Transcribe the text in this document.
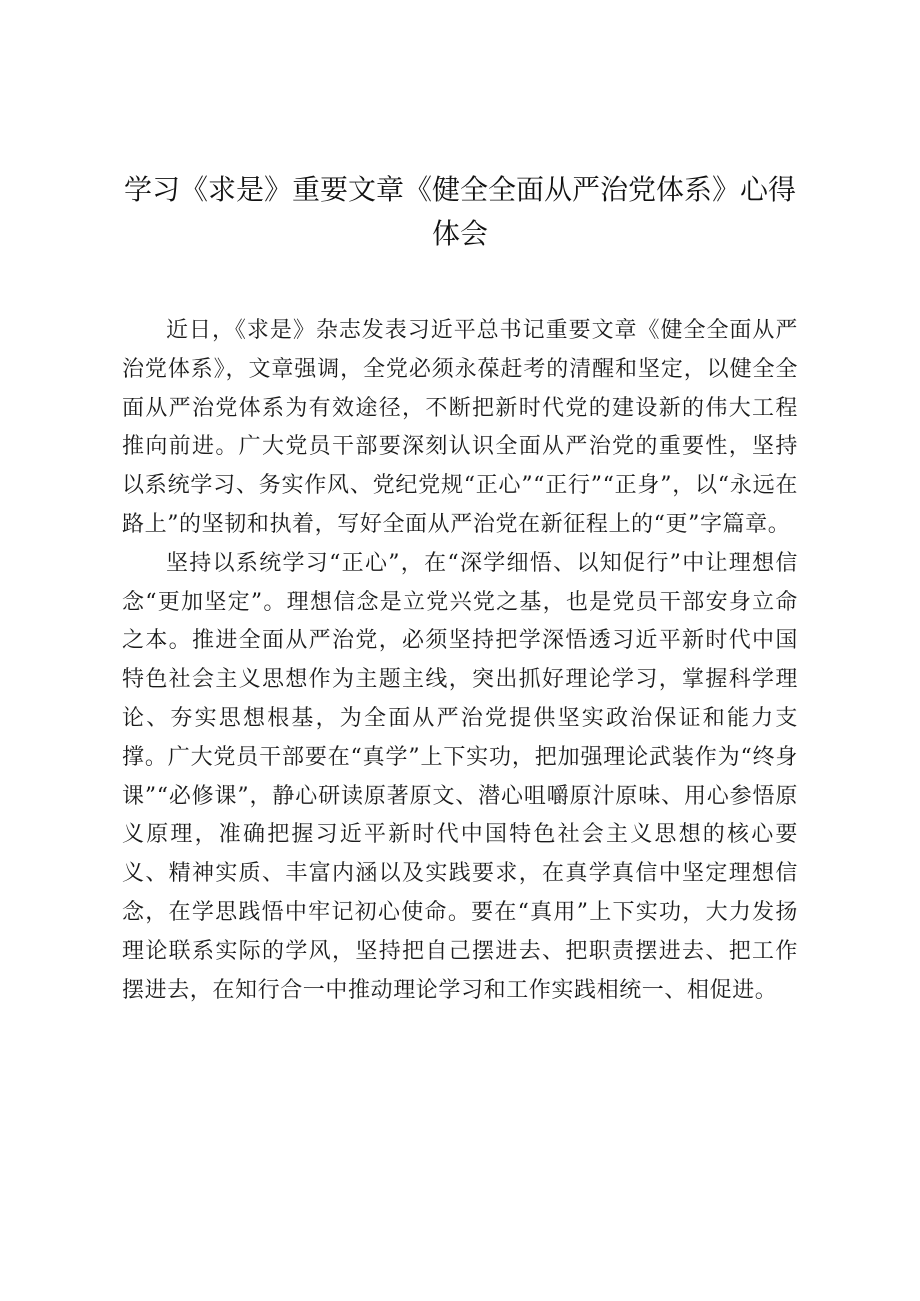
学习《求是》重要文章《健全全面从严治党体系》心得
体会

近日，《求是》杂志发表习近平总书记重要文章《健全全面从严治党体系》，文章强调，全党必须永葆赶考的清醒和坚定，以健全全面从严治党体系为有效途径，不断把新时代党的建设新的伟大工程推向前进。广大党员干部要深刻认识全面从严治党的重要性，坚持以系统学习、务实作风、党纪党规“正心”“正行”“正身”，以“永远在路上”的坚韧和执着，写好全面从严治党在新征程上的“更”字篇章。

坚持以系统学习“正心”，在“深学细悟、以知促行”中让理想信念“更加坚定”。理想信念是立党兴党之基，也是党员干部安身立命之本。推进全面从严治党，必须坚持把学深悟透习近平新时代中国特色社会主义思想作为主题主线，突出抓好理论学习，掌握科学理论、夯实思想根基，为全面从严治党提供坚实政治保证和能力支撑。广大党员干部要在“真学”上下实功，把加强理论武装作为“终身课”“必修课”，静心研读原著原文、潜心咀嚼原汁原味、用心参悟原义原理，准确把握习近平新时代中国特色社会主义思想的核心要义、精神实质、丰富内涵以及实践要求，在真学真信中坚定理想信念，在学思践悟中牢记初心使命。要在“真用”上下实功，大力发扬理论联系实际的学风，坚持把自己摆进去、把职责摆进去、把工作摆进去，在知行合一中推动理论学习和工作实践相统一、相促进。
